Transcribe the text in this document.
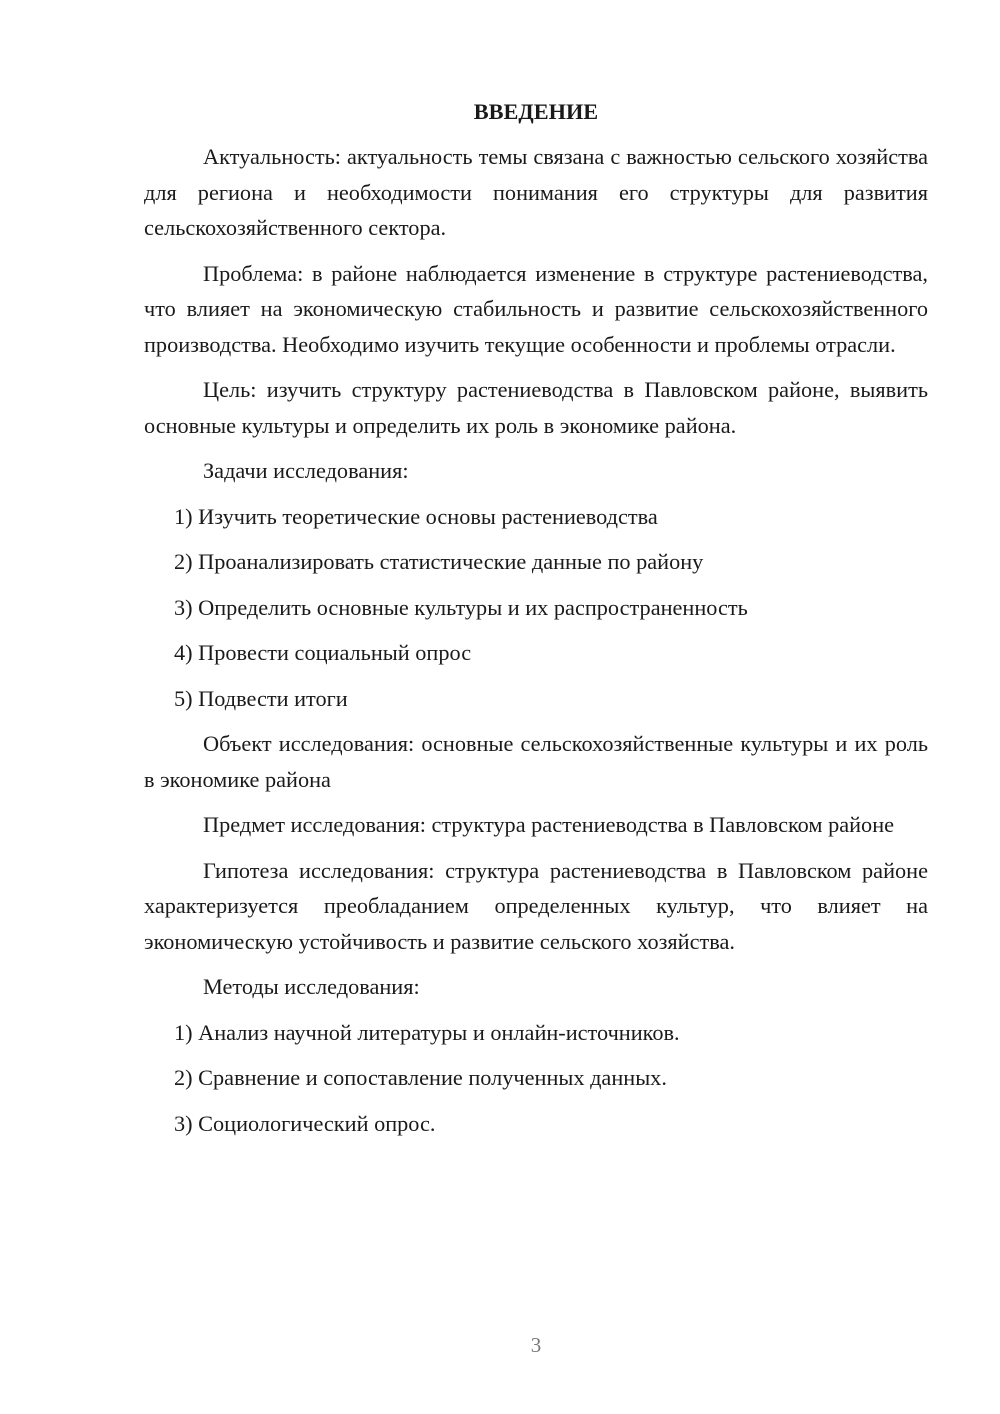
ВВЕДЕНИЕ

Актуальность: актуальность темы связана с важностью сельского хозяйства для региона и необходимости понимания его структуры для развития сельскохозяйственного сектора.

Проблема: в районе наблюдается изменение в структуре растениеводства, что влияет на экономическую стабильность и развитие сельскохозяйственного производства. Необходимо изучить текущие особенности и проблемы отрасли.

Цель: изучить структуру растениеводства в Павловском районе, выявить основные культуры и определить их роль в экономике района.

Задачи исследования:

1) Изучить теоретические основы растениеводства
2) Проанализировать статистические данные по району
3) Определить основные культуры и их распространенность
4) Провести социальный опрос
5) Подвести итоги

Объект исследования: основные сельскохозяйственные культуры и их роль в экономике района

Предмет исследования: структура растениеводства в Павловском районе

Гипотеза исследования: структура растениеводства в Павловском районе характеризуется преобладанием определенных культур, что влияет на экономическую устойчивость и развитие сельского хозяйства.

Методы исследования:

1) Анализ научной литературы и онлайн-источников.
2) Сравнение и сопоставление полученных данных.
3) Социологический опрос.
3
